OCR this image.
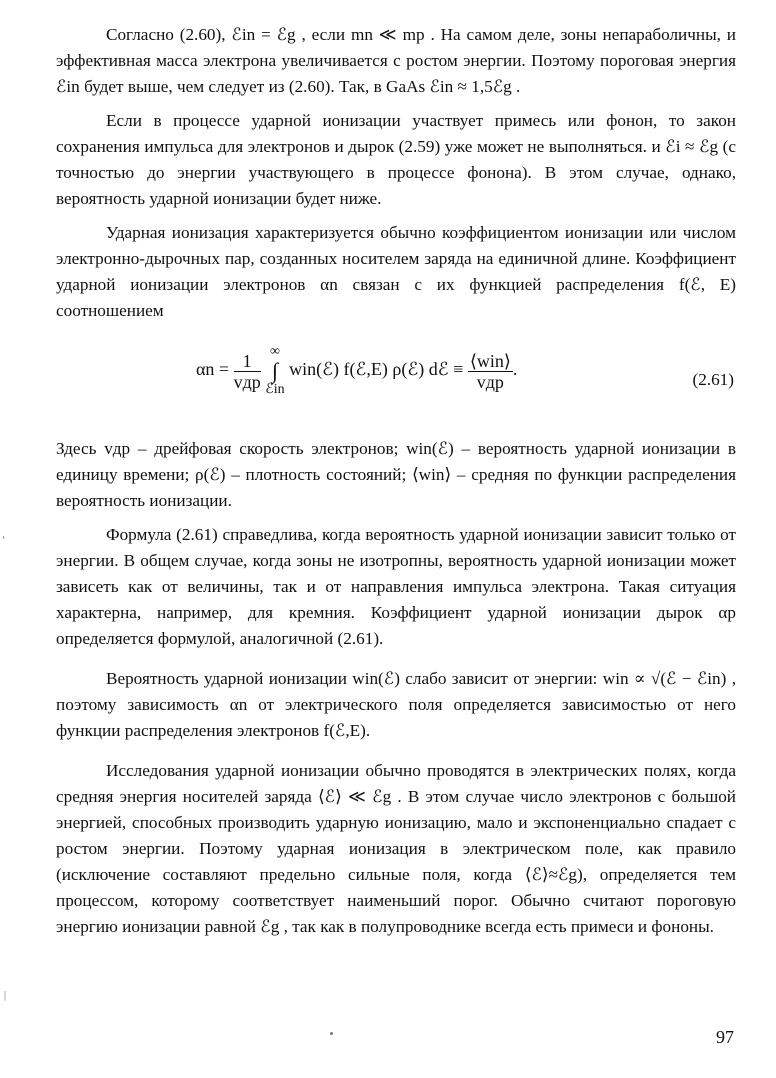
Согласно (2.60), ℰin = ℰg , если mn ≪ mp . На самом деле, зоны непараболичны, и эффективная масса электрона увеличивается с ростом энергии. Поэтому пороговая энергия ℰin будет выше, чем следует из (2.60). Так, в GaAs ℰin ≈ 1,5ℰg .

Если в процессе ударной ионизации участвует примесь или фонон, то закон сохранения импульса для электронов и дырок (2.59) уже может не выполняться. и ℰi ≈ ℰg (с точностью до энергии участвующего в процессе фонона). В этом случае, однако, вероятность ударной ионизации будет ниже.

Ударная ионизация характеризуется обычно коэффициентом ионизации или числом электронно-дырочных пар, созданных носителем заряда на единичной длине. Коэффициент ударной ионизации электронов αn связан с их функцией распределения f(ℰ, E) соотношением

$\alpha n = \frac{1}{\text{vдр}}$
∞
∫
ℰin
win(ℰ) f(ℰ,E) ρ(ℰ) dℰ ≡ $\frac{\text{⟨win⟩}}{\text{vдр}}$ .
(2.61)

Здесь vдр – дрейфовая скорость электронов; win(ℰ) – вероятность ударной ионизации в единицу времени; ρ(ℰ) – плотность состояний; ⟨win⟩ – средняя по функции распределения вероятность ионизации.

Формула (2.61) справедлива, когда вероятность ударной ионизации зависит только от энергии. В общем случае, когда зоны не изотропны, вероятность ударной ионизации может зависеть как от величины, так и от направления импульса электрона. Такая ситуация характерна, например, для кремния. Коэффициент ударной ионизации дырок αp определяется формулой, аналогичной (2.61).

Вероятность ударной ионизации win(ℰ) слабо зависит от энергии: win ∝ √(ℰ − ℰin) , поэтому зависимость αn от электрического поля определяется зависимостью от него функции распределения электронов f(ℰ,E).

Исследования ударной ионизации обычно проводятся в электрических полях, когда средняя энергия носителей заряда ⟨ℰ⟩ ≪ ℰg . В этом случае число электронов с большой энергией, способных производить ударную ионизацию, мало и экспоненциально спадает с ростом энергии. Поэтому ударная ионизация в электрическом поле, как правило (исключение составляют предельно сильные поля, когда ⟨ℰ⟩≈ℰg), определяется тем процессом, которому соответствует наименьший порог. Обычно считают пороговую энергию ионизации равной ℰg , так как в полупроводнике всегда есть примеси и фононы.

‘
|
97
